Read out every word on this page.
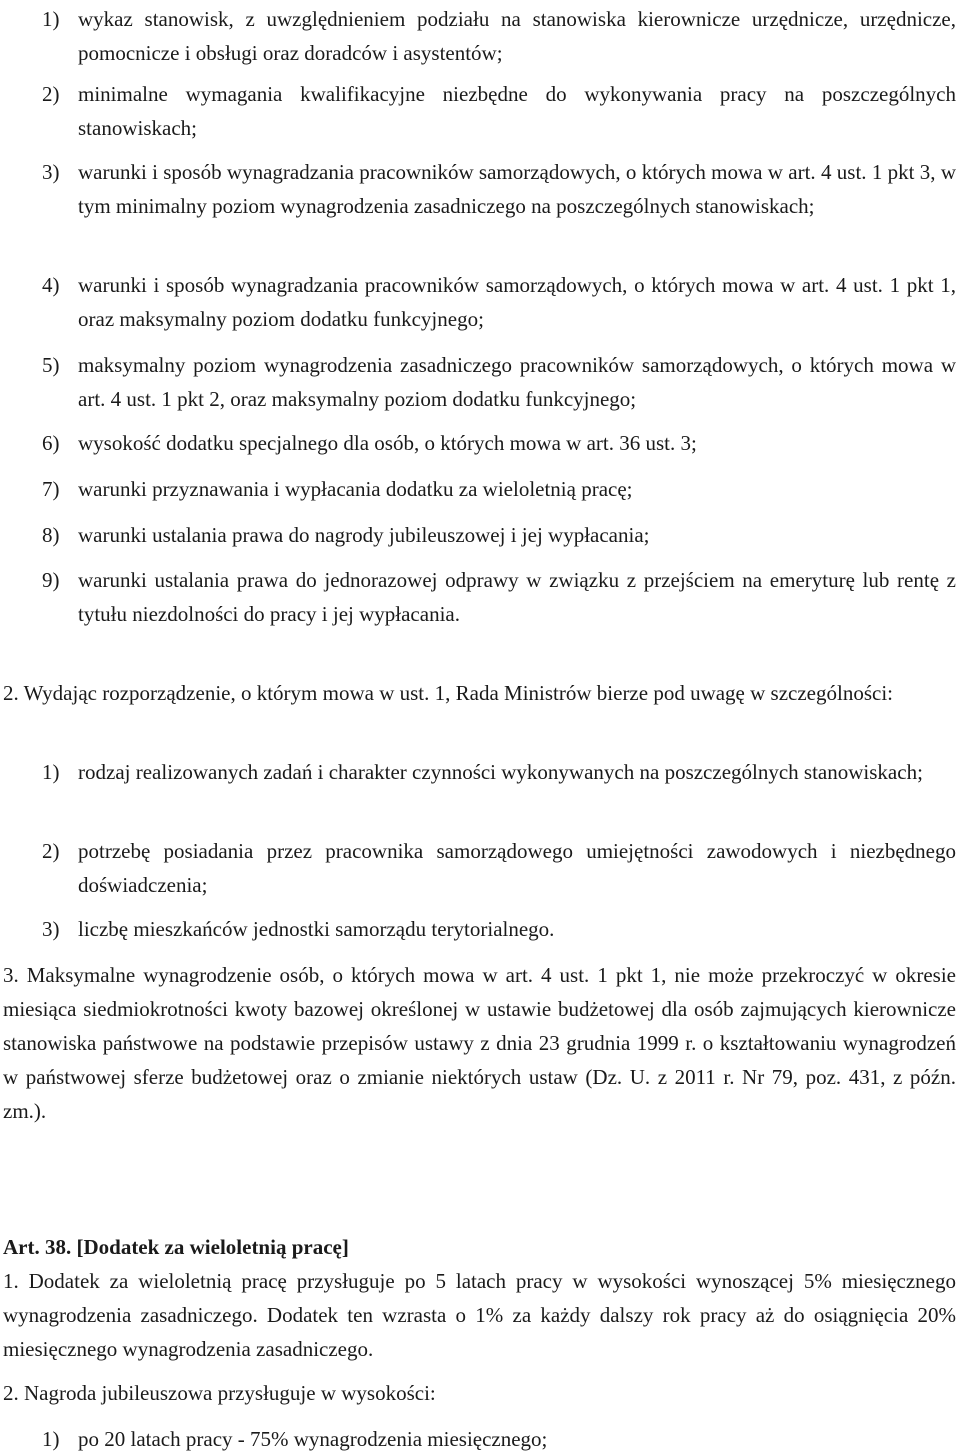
1) wykaz stanowisk, z uwzględnieniem podziału na stanowiska kierownicze urzędnicze, urzędnicze, pomocnicze i obsługi oraz doradców i asystentów;

2) minimalne wymagania kwalifikacyjne niezbędne do wykonywania pracy na poszczególnych stanowiskach;

3) warunki i sposób wynagradzania pracowników samorządowych, o których mowa w art. 4 ust. 1 pkt 3, w tym minimalny poziom wynagrodzenia zasadniczego na poszczególnych stanowiskach;

4) warunki i sposób wynagradzania pracowników samorządowych, o których mowa w art. 4 ust. 1 pkt 1, oraz maksymalny poziom dodatku funkcyjnego;

5) maksymalny poziom wynagrodzenia zasadniczego pracowników samorządowych, o których mowa w art. 4 ust. 1 pkt 2, oraz maksymalny poziom dodatku funkcyjnego;

6) wysokość dodatku specjalnego dla osób, o których mowa w art. 36 ust. 3;

7) warunki przyznawania i wypłacania dodatku za wieloletnią pracę;

8) warunki ustalania prawa do nagrody jubileuszowej i jej wypłacania;

9) warunki ustalania prawa do jednorazowej odprawy w związku z przejściem na emeryturę lub rentę z tytułu niezdolności do pracy i jej wypłacania.

2. Wydając rozporządzenie, o którym mowa w ust. 1, Rada Ministrów bierze pod uwagę w szczególności:

1) rodzaj realizowanych zadań i charakter czynności wykonywanych na poszczególnych stanowiskach;

2) potrzebę posiadania przez pracownika samorządowego umiejętności zawodowych i niezbędnego doświadczenia;

3) liczbę mieszkańców jednostki samorządu terytorialnego.

3. Maksymalne wynagrodzenie osób, o których mowa w art. 4 ust. 1 pkt 1, nie może przekroczyć w okresie miesiąca siedmiokrotności kwoty bazowej określonej w ustawie budżetowej dla osób zajmujących kierownicze stanowiska państwowe na podstawie przepisów ustawy z dnia 23 grudnia 1999 r. o kształtowaniu wynagrodzeń w państwowej sferze budżetowej oraz o zmianie niektórych ustaw (Dz. U. z 2011 r. Nr 79, poz. 431, z późn. zm.).

Art. 38. [Dodatek za wieloletnią pracę]

1. Dodatek za wieloletnią pracę przysługuje po 5 latach pracy w wysokości wynoszącej 5% miesięcznego wynagrodzenia zasadniczego. Dodatek ten wzrasta o 1% za każdy dalszy rok pracy aż do osiągnięcia 20% miesięcznego wynagrodzenia zasadniczego.

2. Nagroda jubileuszowa przysługuje w wysokości:

1) po 20 latach pracy - 75% wynagrodzenia miesięcznego;
